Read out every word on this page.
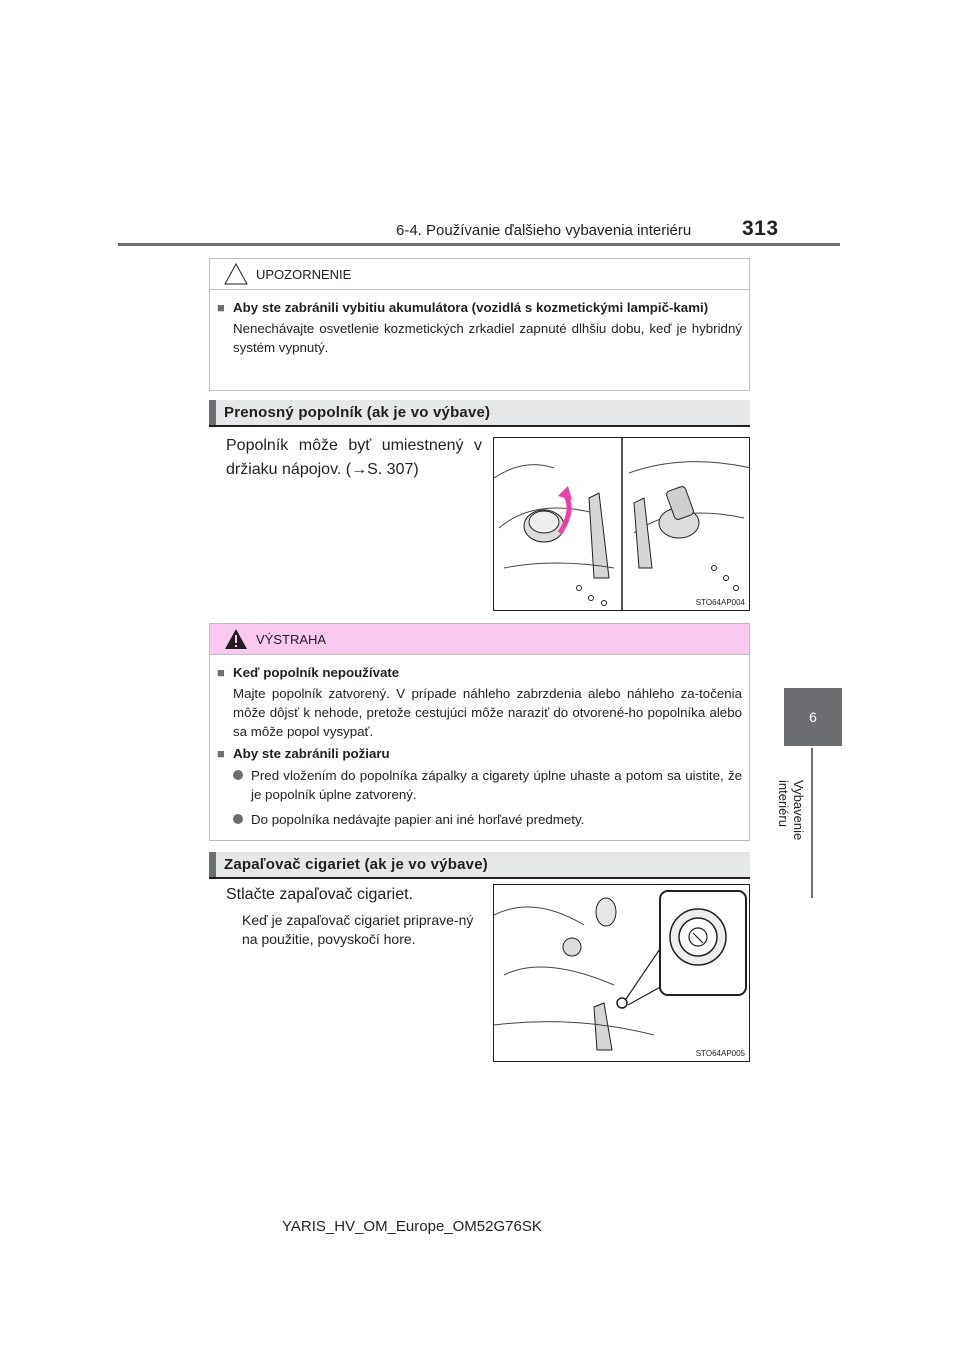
6-4. Používanie ďalšieho vybavenia interiéru 313
6
Vybavenie interiéru
UPOZORNENIE
■ Aby ste zabránili vybitiu akumulátora (vozidlá s kozmetickými lampič-kami)
Nenechávajte osvetlenie kozmetických zrkadiel zapnuté dlhšiu dobu, keď je hybridný systém vypnutý.
Prenosný popolník (ak je vo výbave)
Popolník môže byť umiestnený v držiaku nápojov. (→S. 307)
STO64AP004
VÝSTRAHA
■ Keď popolník nepoužívate
Majte popolník zatvorený. V prípade náhleho zabrzdenia alebo náhleho za-točenia môže dôjsť k nehode, pretože cestujúci môže naraziť do otvorené-ho popolníka alebo sa môže popol vysypať.
■ Aby ste zabránili požiaru
Pred vložením do popolníka zápalky a cigarety úplne uhaste a potom sa uistite, že je popolník úplne zatvorený.
Do popolníka nedávajte papier ani iné horľavé predmety.
Zapaľovač cigariet (ak je vo výbave)
Stlačte zapaľovač cigariet.
Keď je zapaľovač cigariet priprave-ný na použitie, povyskočí hore.
STO64AP005
YARIS_HV_OM_Europe_OM52G76SK
